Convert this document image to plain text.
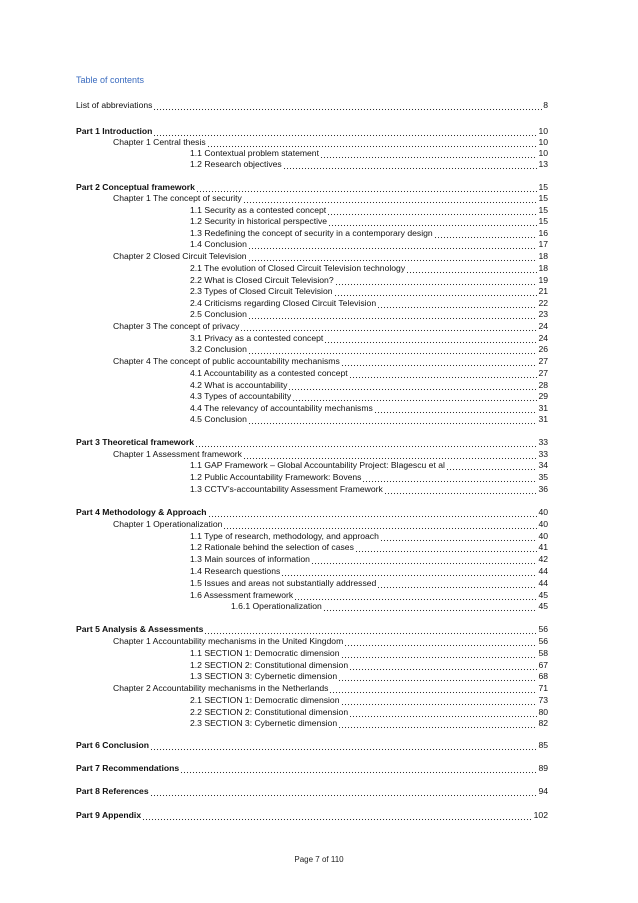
Table of contents
List of abbreviations	8
Part 1 Introduction	10
Chapter 1 Central thesis	10
1.1 Contextual problem statement	10
1.2 Research objectives	13
Part 2 Conceptual framework	15
Chapter 1 The concept of security	15
1.1 Security as a contested concept	15
1.2 Security in historical perspective	15
1.3 Redefining the concept of security in a contemporary design	16
1.4 Conclusion	17
Chapter 2 Closed Circuit Television	18
2.1 The evolution of Closed Circuit Television technology	18
2.2 What is Closed Circuit Television?	19
2.3 Types of Closed Circuit Television	21
2.4 Criticisms regarding Closed Circuit Television	22
2.5 Conclusion	23
Chapter 3 The concept of privacy	24
3.1 Privacy as a contested concept	24
3.2 Conclusion	26
Chapter 4 The concept of public accountability mechanisms	27
4.1 Accountability as a contested concept	27
4.2 What is accountability	28
4.3 Types of accountability	29
4.4 The relevancy of accountability mechanisms	31
4.5 Conclusion	31
Part 3 Theoretical framework	33
Chapter 1 Assessment framework	33
1.1 GAP Framework – Global Accountability Project: Blagescu et al	34
1.2 Public Accountability Framework: Bovens	35
1.3 CCTV’s-accountability Assessment Framework	36
Part 4 Methodology & Approach	40
Chapter 1 Operationalization	40
1.1 Type of research, methodology, and approach	40
1.2 Rationale behind the selection of cases	41
1.3 Main sources of information	42
1.4 Research questions	44
1.5 Issues and areas not substantially addressed	44
1.6 Assessment framework	45
1.6.1 Operationalization	45
Part 5 Analysis & Assessments	56
Chapter 1 Accountability mechanisms in the United Kingdom	56
1.1 SECTION 1: Democratic dimension	58
1.2 SECTION 2: Constitutional dimension	67
1.3 SECTION 3: Cybernetic dimension	68
Chapter 2 Accountability mechanisms in the Netherlands	71
2.1 SECTION 1: Democratic dimension	73
2.2 SECTION 2: Constitutional dimension	80
2.3 SECTION 3: Cybernetic dimension	82
Part 6 Conclusion	85
Part 7 Recommendations	89
Part 8 References	94
Part 9 Appendix	102
Page 7 of 110
